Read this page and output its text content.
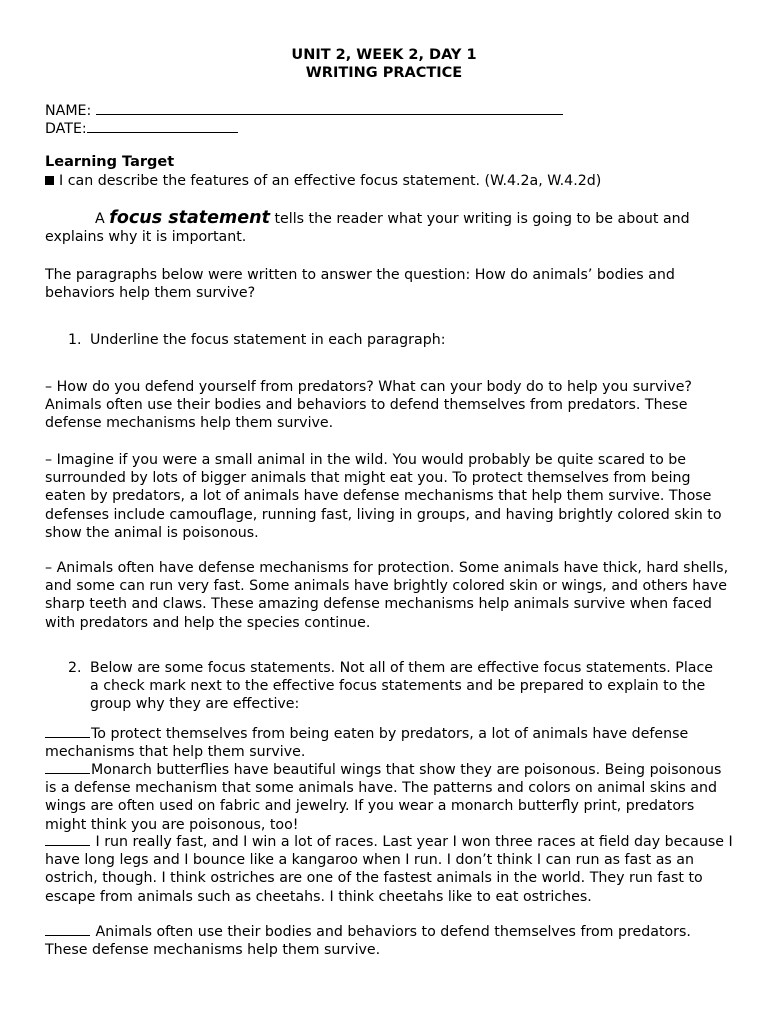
UNIT 2, WEEK 2, DAY 1
WRITING PRACTICE
NAME:
DATE:
Learning Target
I can describe the features of an effective focus statement. (W.4.2a, W.4.2d)
A focus statement tells the reader what your writing is going to be about and explains why it is important.
The paragraphs below were written to answer the question: How do animals’ bodies and behaviors help them survive?
1. Underline the focus statement in each paragraph:
– How do you defend yourself from predators? What can your body do to help you survive? Animals often use their bodies and behaviors to defend themselves from predators. These defense mechanisms help them survive.
– Imagine if you were a small animal in the wild. You would probably be quite scared to be surrounded by lots of bigger animals that might eat you. To protect themselves from being eaten by predators, a lot of animals have defense mechanisms that help them survive. Those defenses include camouflage, running fast, living in groups, and having brightly colored skin to show the animal is poisonous.
– Animals often have defense mechanisms for protection. Some animals have thick, hard shells, and some can run very fast. Some animals have brightly colored skin or wings, and others have sharp teeth and claws. These amazing defense mechanisms help animals survive when faced with predators and help the species continue.
2. Below are some focus statements. Not all of them are effective focus statements. Place a check mark next to the effective focus statements and be prepared to explain to the group why they are effective:
To protect themselves from being eaten by predators, a lot of animals have defense mechanisms that help them survive.
Monarch butterflies have beautiful wings that show they are poisonous. Being poisonous is a defense mechanism that some animals have. The patterns and colors on animal skins and wings are often used on fabric and jewelry. If you wear a monarch butterfly print, predators might think you are poisonous, too!
I run really fast, and I win a lot of races. Last year I won three races at field day because I have long legs and I bounce like a kangaroo when I run. I don’t think I can run as fast as an ostrich, though. I think ostriches are one of the fastest animals in the world. They run fast to escape from animals such as cheetahs. I think cheetahs like to eat ostriches.
Animals often use their bodies and behaviors to defend themselves from predators. These defense mechanisms help them survive.
